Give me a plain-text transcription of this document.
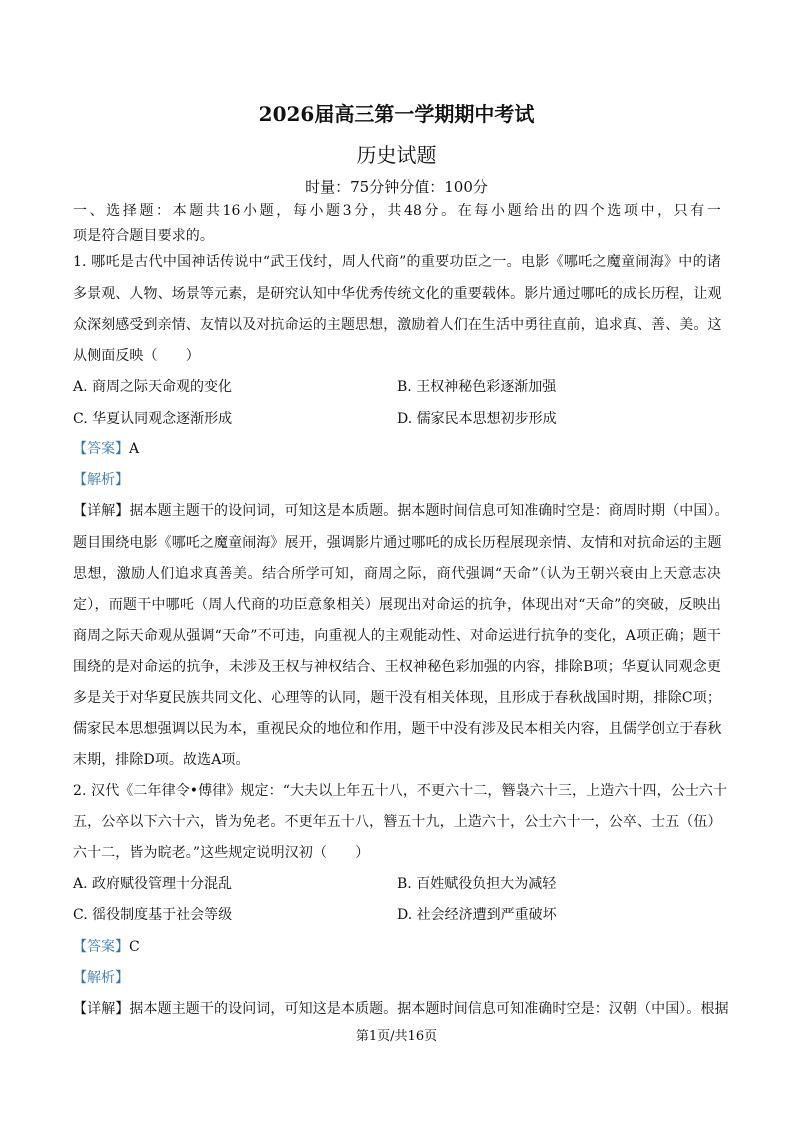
2026届高三第一学期期中考试
历史试题
时量：75分钟分值：100分
一、选择题：本题共16小题，每小题3分，共48分。在每小题给出的四个选项中，只有一
项是符合题目要求的。
1. 哪吒是古代中国神话传说中“武王伐纣，周人代商”的重要功臣之一。电影《哪吒之魔童闹海》中的诸
多景观、人物、场景等元素，是研究认知中华优秀传统文化的重要载体。影片通过哪吒的成长历程，让观
众深刻感受到亲情、友情以及对抗命运的主题思想，激励着人们在生活中勇往直前，追求真、善、美。这
从侧面反映（　　）
A. 商周之际天命观的变化	B. 王权神秘色彩逐渐加强
C. 华夏认同观念逐渐形成	D. 儒家民本思想初步形成
【答案】A
【解析】
【详解】据本题主题干的设问词，可知这是本质题。据本题时间信息可知准确时空是：商周时期（中国）。
题目围绕电影《哪吒之魔童闹海》展开，强调影片通过哪吒的成长历程展现亲情、友情和对抗命运的主题
思想，激励人们追求真善美。结合所学可知，商周之际，商代强调“天命”（认为王朝兴衰由上天意志决
定），而题干中哪吒（周人代商的功臣意象相关）展现出对命运的抗争，体现出对“天命”的突破，反映出
商周之际天命观从强调“天命”不可违，向重视人的主观能动性、对命运进行抗争的变化，A项正确；题干
围绕的是对命运的抗争，未涉及王权与神权结合、王权神秘色彩加强的内容，排除B项；华夏认同观念更
多是关于对华夏民族共同文化、心理等的认同，题干没有相关体现，且形成于春秋战国时期，排除C项；
儒家民本思想强调以民为本，重视民众的地位和作用，题干中没有涉及民本相关内容，且儒学创立于春秋
末期，排除D项。故选A项。
2. 汉代《二年律令•傅律》规定：“大夫以上年五十八，不更六十二，簪袅六十三，上造六十四，公士六十
五，公卒以下六十六，皆为免老。不更年五十八，簪五十九，上造六十，公士六十一，公卒、士五（伍）
六十二，皆为睆老。”这些规定说明汉初（　　）
A. 政府赋役管理十分混乱	B. 百姓赋役负担大为减轻
C. 徭役制度基于社会等级	D. 社会经济遭到严重破坏
【答案】C
【解析】
【详解】据本题主题干的设问词，可知这是本质题。据本题时间信息可知准确时空是：汉朝（中国）。根据
第1页/共16页
